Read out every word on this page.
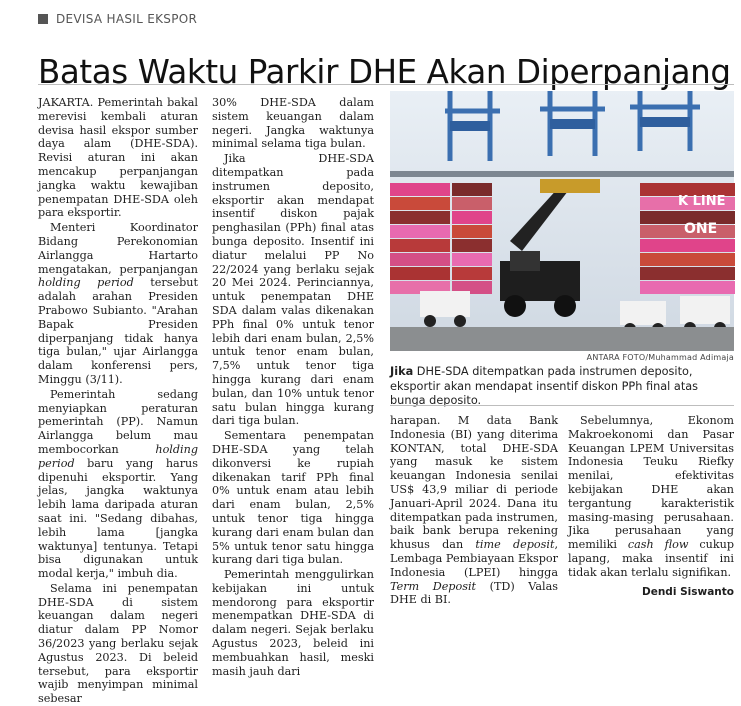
DEVISA HASIL EKSPOR
Batas Waktu Parkir DHE Akan Diperpanjang

JAKARTA. Pemerintah bakal merevisi kembali aturan devisa hasil ekspor sumber daya alam (DHE-SDA). Revisi aturan ini akan mencakup perpanjangan jangka waktu kewajiban penempatan DHE-SDA oleh para eksportir.

Menteri Koordinator Bidang Perekonomian Airlangga Hartarto mengatakan, perpanjangan holding period tersebut adalah arahan Presiden Prabowo Subianto. "Arahan Bapak Presiden diperpanjang tidak hanya tiga bulan," ujar Airlangga dalam konferensi pers, Minggu (3/11).

Pemerintah sedang menyiapkan peraturan pemerintah (PP). Namun Airlangga belum mau membocorkan holding period baru yang harus dipenuhi eksportir. Yang jelas, jangka waktunya lebih lama daripada aturan saat ini. "Sedang dibahas, lebih lama [jangka waktunya] tentunya. Tetapi bisa digunakan untuk modal kerja," imbuh dia.

Selama ini penempatan DHE-SDA di sistem keuangan dalam negeri diatur dalam PP Nomor 36/2023 yang berlaku sejak Agustus 2023. Di beleid tersebut, para eksportir wajib menyimpan minimal sebesar

30% DHE-SDA dalam sistem keuangan dalam negeri. Jangka waktunya minimal selama tiga bulan.

Jika DHE-SDA ditempatkan pada instrumen deposito, eksportir akan mendapat insentif diskon pajak penghasilan (PPh) final atas bunga deposito. Insentif ini diatur melalui PP No 22/2024 yang berlaku sejak 20 Mei 2024. Perinciannya, untuk penempatan DHE SDA dalam valas dikenakan PPh final 0% untuk tenor lebih dari enam bulan, 2,5% untuk tenor enam bulan, 7,5% untuk tenor tiga hingga kurang dari enam bulan, dan 10% untuk tenor satu bulan hingga kurang dari tiga bulan.

Sementara penempatan DHE-SDA yang telah dikonversi ke rupiah dikenakan tarif PPh final 0% untuk enam atau lebih dari enam bulan, 2,5% untuk tenor tiga hingga kurang dari enam bulan dan 5% untuk tenor satu hingga kurang dari tiga bulan.

Pemerintah menggulirkan kebijakan ini untuk mendorong para eksportir menempatkan DHE-SDA di dalam negeri. Sejak berlaku Agustus 2023, beleid ini membuahkan hasil, meski masih jauh dari

K LINE
ONE
ANTARA FOTO/Muhammad Adimaja
Jika DHE-SDA ditempatkan pada instrumen deposito, eksportir akan mendapat insentif diskon PPh final atas bunga deposito.

harapan. M data Bank Indonesia (BI) yang diterima KONTAN, total DHE-SDA yang masuk ke sistem keuangan Indonesia senilai US$ 43,9 miliar di periode Januari-April 2024. Dana itu ditempatkan pada instrumen, baik bank berupa rekening khusus dan time deposit, Lembaga Pembiayaan Ekspor Indonesia (LPEI) hingga Term Deposit (TD) Valas DHE di BI.

Sebelumnya, Ekonom Makroekonomi dan Pasar Keuangan LPEM Universitas Indonesia Teuku Riefky menilai, efektivitas kebijakan DHE akan tergantung karakteristik masing-masing perusahaan. Jika perusahaan yang memiliki cash flow cukup lapang, maka insentif ini tidak akan terlalu signifikan.

Dendi Siswanto
